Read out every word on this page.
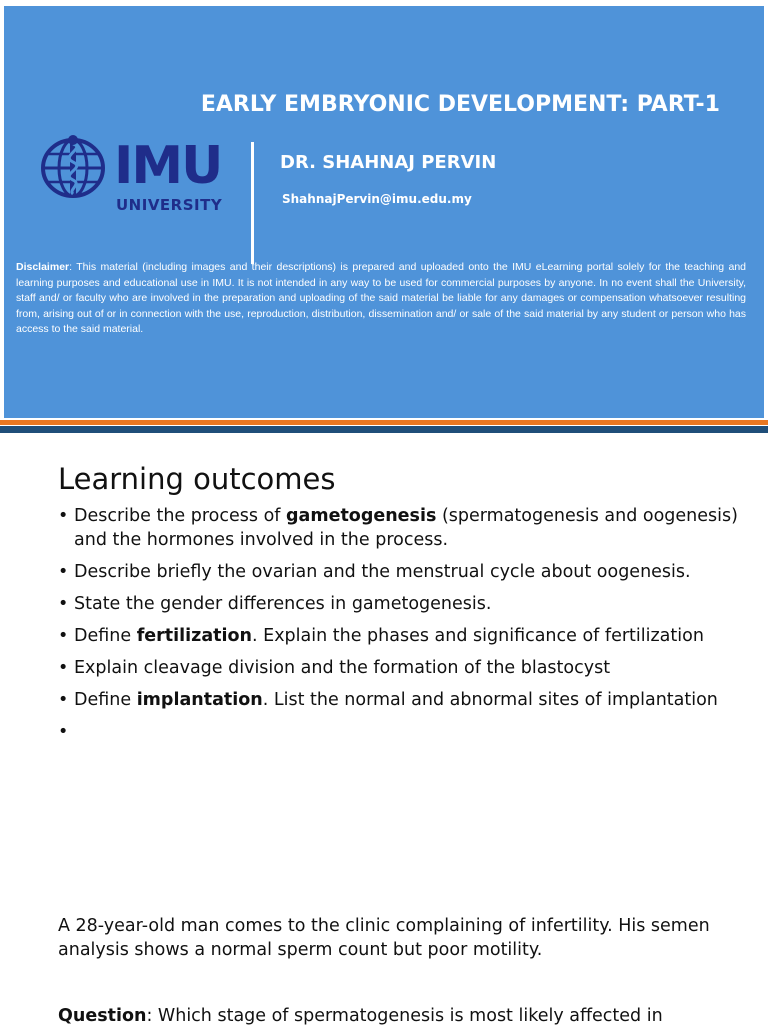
EARLY EMBRYONIC DEVELOPMENT: PART-1
IMU
UNIVERSITY
DR. SHAHNAJ PERVIN
ShahnajPervin@imu.edu.my
Disclaimer: This material (including images and their descriptions) is prepared and uploaded onto the IMU eLearning portal solely for the teaching and learning purposes and educational use in IMU. It is not intended in any way to be used for commercial purposes by anyone. In no event shall the University, staff and/ or faculty who are involved in the preparation and uploading of the said material be liable for any damages or compensation whatsoever resulting from, arising out of or in connection with the use, reproduction, distribution, dissemination and/ or sale of the said material by any student or person who has access to the said material.
Learning outcomes
• Describe the process of gametogenesis (spermatogenesis and oogenesis) and the hormones involved in the process.
• Describe briefly the ovarian and the menstrual cycle about oogenesis.
• State the gender differences in gametogenesis.
• Define fertilization. Explain the phases and significance of fertilization
• Explain cleavage division and the formation of the blastocyst
• Define implantation. List the normal and abnormal sites of implantation
•
A 28-year-old man comes to the clinic complaining of infertility. His semen analysis shows a normal sperm count but poor motility.
Question: Which stage of spermatogenesis is most likely affected in
